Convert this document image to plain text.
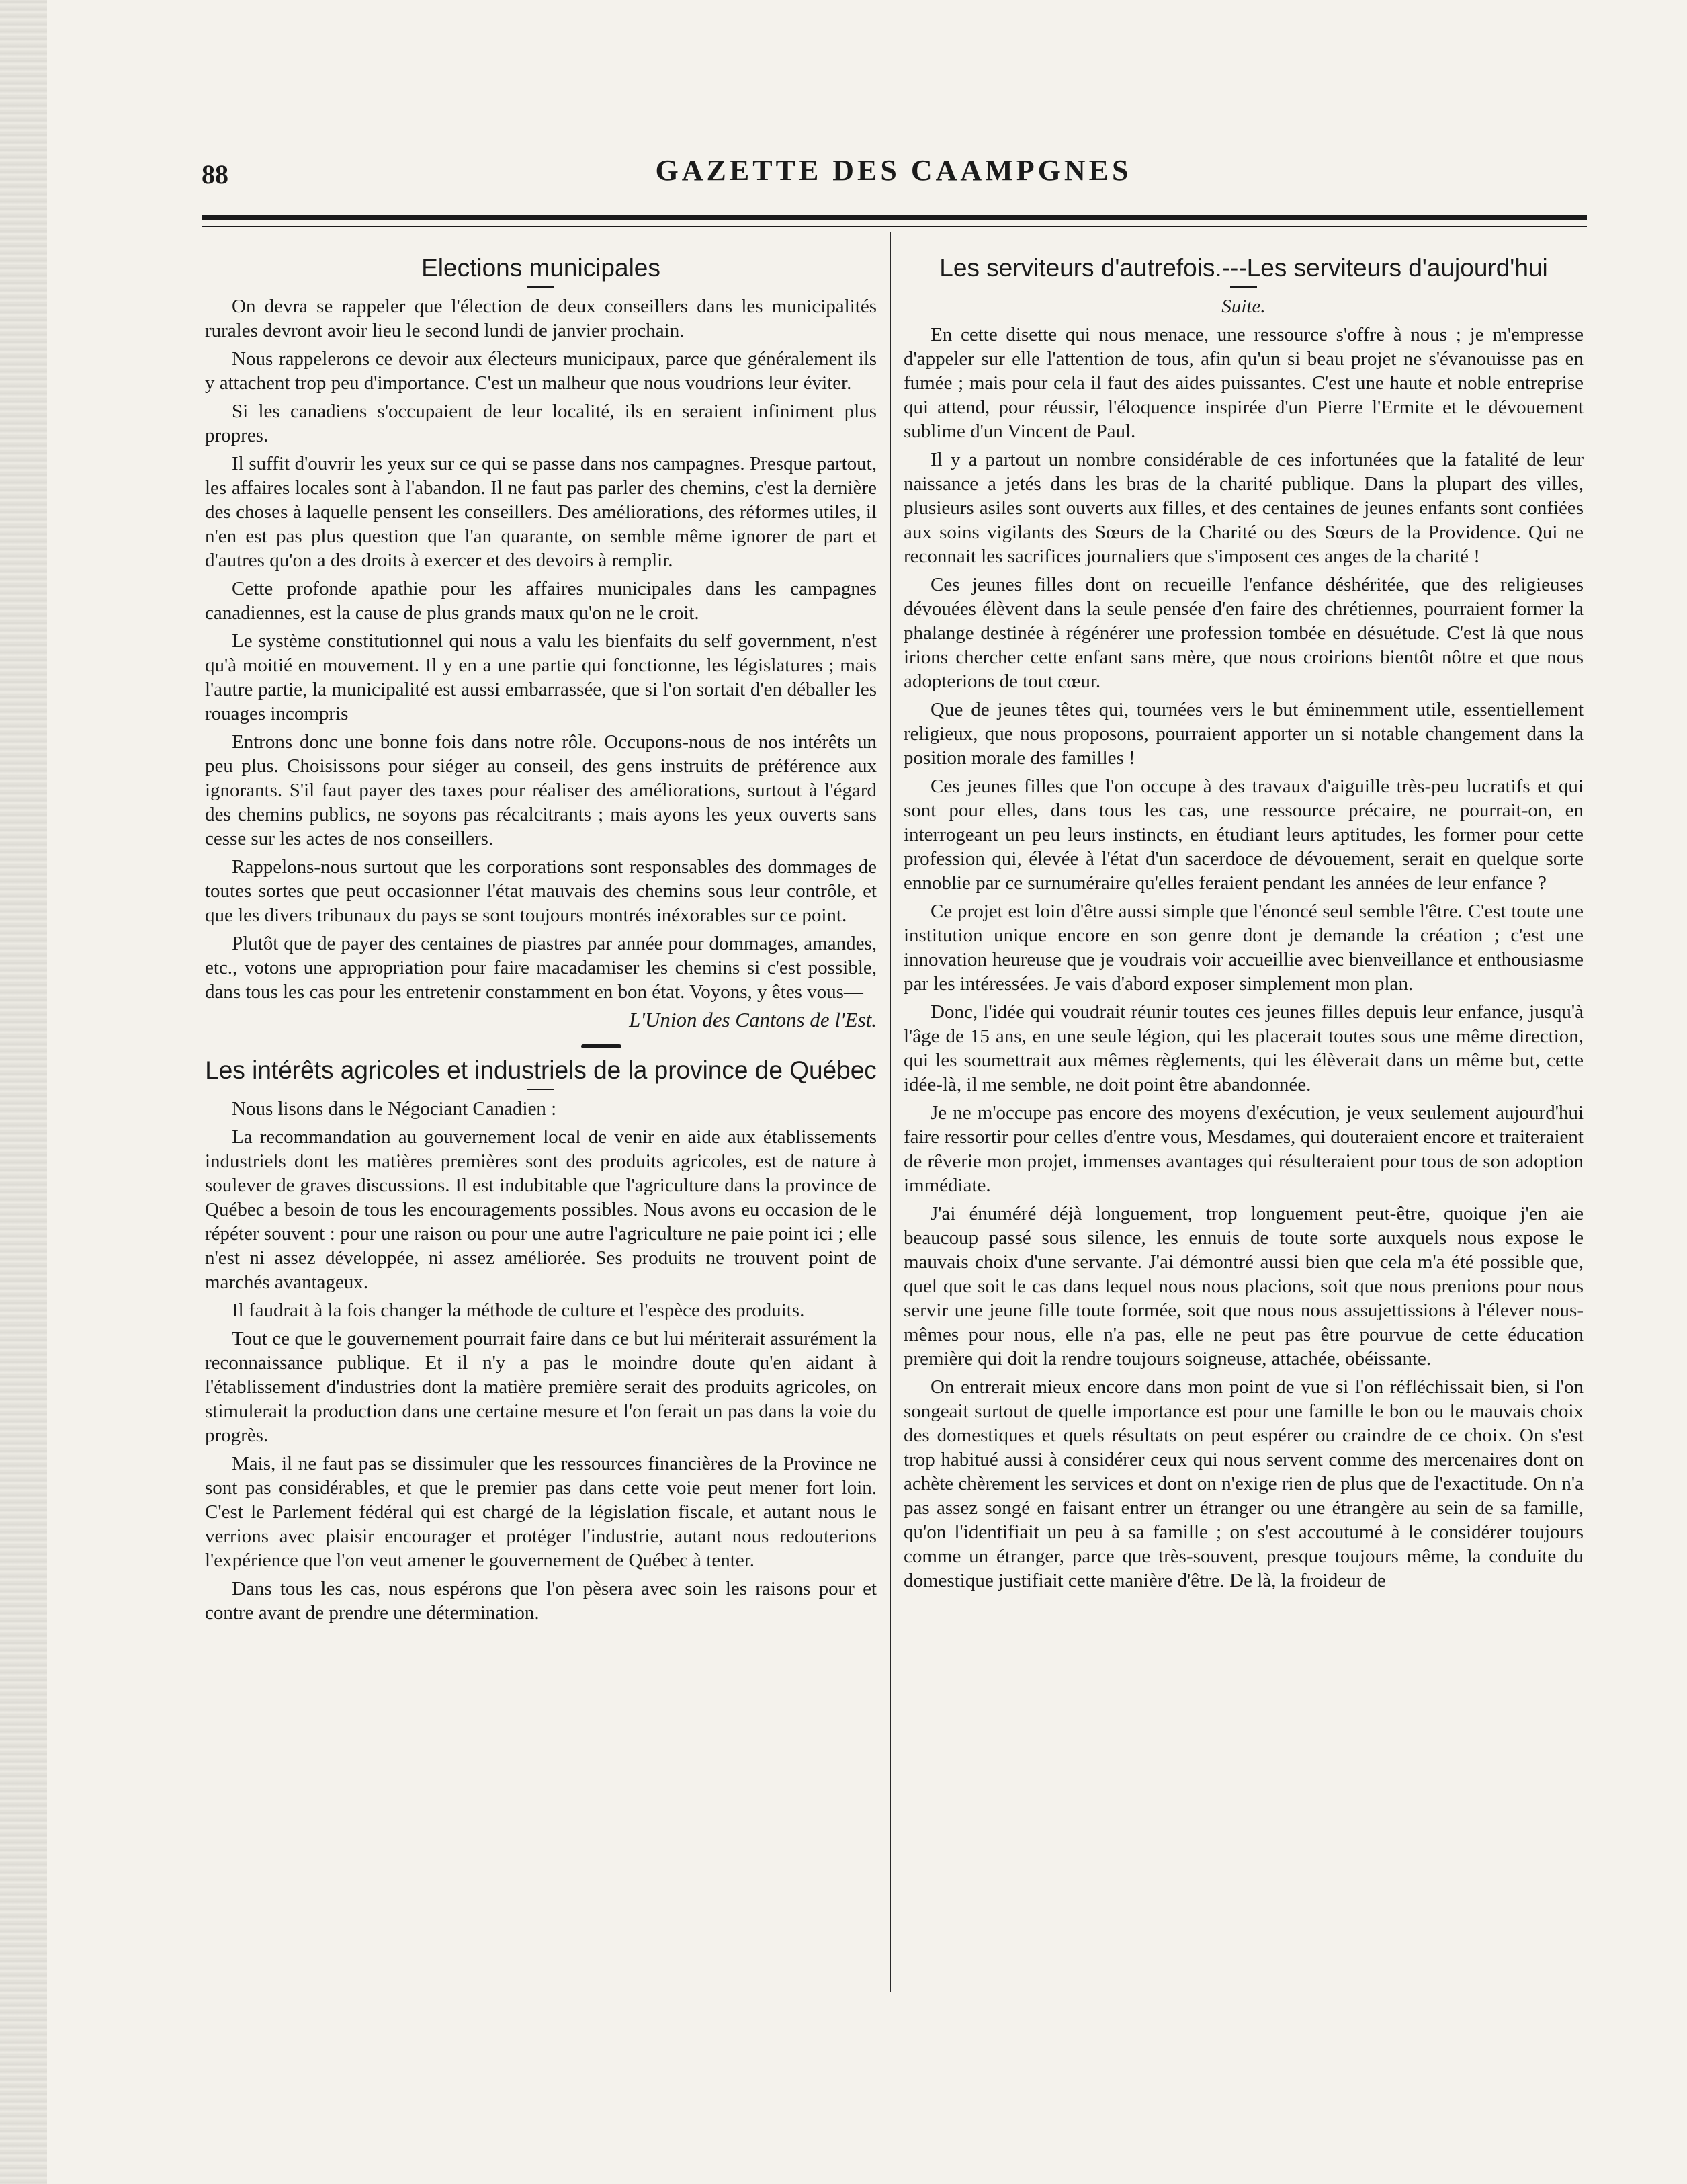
88	GAZETTE DES CAAMPGNES
Elections municipales

On devra se rappeler que l'élection de deux conseillers dans les municipalités rurales devront avoir lieu le second lundi de janvier prochain.

Nous rappelerons ce devoir aux électeurs municipaux, parce que généralement ils y attachent trop peu d'importance. C'est un malheur que nous voudrions leur éviter.

Si les canadiens s'occupaient de leur localité, ils en seraient infiniment plus propres.

Il suffit d'ouvrir les yeux sur ce qui se passe dans nos campagnes. Presque partout, les affaires locales sont à l'abandon. Il ne faut pas parler des chemins, c'est la dernière des choses à laquelle pensent les conseillers. Des améliorations, des réformes utiles, il n'en est pas plus question que l'an quarante, on semble même ignorer de part et d'autres qu'on a des droits à exercer et des devoirs à remplir.

Cette profonde apathie pour les affaires municipales dans les campagnes canadiennes, est la cause de plus grands maux qu'on ne le croit.

Le système constitutionnel qui nous a valu les bienfaits du self government, n'est qu'à moitié en mouvement. Il y en a une partie qui fonctionne, les législatures ; mais l'autre partie, la municipalité est aussi embarrassée, que si l'on sortait d'en déballer les rouages incompris

Entrons donc une bonne fois dans notre rôle. Occupons-nous de nos intérêts un peu plus. Choisissons pour siéger au conseil, des gens instruits de préférence aux ignorants. S'il faut payer des taxes pour réaliser des améliorations, surtout à l'égard des chemins publics, ne soyons pas récalcitrants ; mais ayons les yeux ouverts sans cesse sur les actes de nos conseillers.

Rappelons-nous surtout que les corporations sont responsables des dommages de toutes sortes que peut occasionner l'état mauvais des chemins sous leur contrôle, et que les divers tribunaux du pays se sont toujours montrés inéxorables sur ce point.

Plutôt que de payer des centaines de piastres par année pour dommages, amandes, etc., votons une appropriation pour faire macadamiser les chemins si c'est possible, dans tous les cas pour les entretenir constamment en bon état. Voyons, y êtes vous—

L'Union des Cantons de l'Est.
Les intérêts agricoles et industriels de la province de Québec

Nous lisons dans le Négociant Canadien :

La recommandation au gouvernement local de venir en aide aux établissements industriels dont les matières premières sont des produits agricoles, est de nature à soulever de graves discussions. Il est indubitable que l'agriculture dans la province de Québec a besoin de tous les encouragements possibles. Nous avons eu occasion de le répéter souvent : pour une raison ou pour une autre l'agriculture ne paie point ici ; elle n'est ni assez développée, ni assez améliorée. Ses produits ne trouvent point de marchés avantageux.

Il faudrait à la fois changer la méthode de culture et l'espèce des produits.

Tout ce que le gouvernement pourrait faire dans ce but lui mériterait assurément la reconnaissance publique. Et il n'y a pas le moindre doute qu'en aidant à l'établissement d'industries dont la matière première serait des produits agricoles, on stimulerait la production dans une certaine mesure et l'on ferait un pas dans la voie du progrès.

Mais, il ne faut pas se dissimuler que les ressources financières de la Province ne sont pas considérables, et que le premier pas dans cette voie peut mener fort loin. C'est le Parlement fédéral qui est chargé de la législation fiscale, et autant nous le verrions avec plaisir encourager et protéger l'industrie, autant nous redouterions l'expérience que l'on veut amener le gouvernement de Québec à tenter.

Dans tous les cas, nous espérons que l'on pèsera avec soin les raisons pour et contre avant de prendre une détermination.

Les serviteurs d'autrefois.---Les serviteurs d'aujourd'hui
Suite.

En cette disette qui nous menace, une ressource s'offre à nous ; je m'empresse d'appeler sur elle l'attention de tous, afin qu'un si beau projet ne s'évanouisse pas en fumée ; mais pour cela il faut des aides puissantes. C'est une haute et noble entreprise qui attend, pour réussir, l'éloquence inspirée d'un Pierre l'Ermite et le dévouement sublime d'un Vincent de Paul.

Il y a partout un nombre considérable de ces infortunées que la fatalité de leur naissance a jetés dans les bras de la charité publique. Dans la plupart des villes, plusieurs asiles sont ouverts aux filles, et des centaines de jeunes enfants sont confiées aux soins vigilants des Sœurs de la Charité ou des Sœurs de la Providence. Qui ne reconnait les sacrifices journaliers que s'imposent ces anges de la charité !

Ces jeunes filles dont on recueille l'enfance déshéritée, que des religieuses dévouées élèvent dans la seule pensée d'en faire des chrétiennes, pourraient former la phalange destinée à régénérer une profession tombée en désuétude. C'est là que nous irions chercher cette enfant sans mère, que nous croirions bientôt nôtre et que nous adopterions de tout cœur.

Que de jeunes têtes qui, tournées vers le but éminemment utile, essentiellement religieux, que nous proposons, pourraient apporter un si notable changement dans la position morale des familles !

Ces jeunes filles que l'on occupe à des travaux d'aiguille très-peu lucratifs et qui sont pour elles, dans tous les cas, une ressource précaire, ne pourrait-on, en interrogeant un peu leurs instincts, en étudiant leurs aptitudes, les former pour cette profession qui, élevée à l'état d'un sacerdoce de dévouement, serait en quelque sorte ennoblie par ce surnuméraire qu'elles feraient pendant les années de leur enfance ?

Ce projet est loin d'être aussi simple que l'énoncé seul semble l'être. C'est toute une institution unique encore en son genre dont je demande la création ; c'est une innovation heureuse que je voudrais voir accueillie avec bienveillance et enthousiasme par les intéressées. Je vais d'abord exposer simplement mon plan.

Donc, l'idée qui voudrait réunir toutes ces jeunes filles depuis leur enfance, jusqu'à l'âge de 15 ans, en une seule légion, qui les placerait toutes sous une même direction, qui les soumettrait aux mêmes règlements, qui les élèverait dans un même but, cette idée-là, il me semble, ne doit point être abandonnée.

Je ne m'occupe pas encore des moyens d'exécution, je veux seulement aujourd'hui faire ressortir pour celles d'entre vous, Mesdames, qui douteraient encore et traiteraient de rêverie mon projet, immenses avantages qui résulteraient pour tous de son adoption immédiate.

J'ai énuméré déjà longuement, trop longuement peut-être, quoique j'en aie beaucoup passé sous silence, les ennuis de toute sorte auxquels nous expose le mauvais choix d'une servante. J'ai démontré aussi bien que cela m'a été possible que, quel que soit le cas dans lequel nous nous placions, soit que nous prenions pour nous servir une jeune fille toute formée, soit que nous nous assujettissions à l'élever nous-mêmes pour nous, elle n'a pas, elle ne peut pas être pourvue de cette éducation première qui doit la rendre toujours soigneuse, attachée, obéissante.

On entrerait mieux encore dans mon point de vue si l'on réfléchissait bien, si l'on songeait surtout de quelle importance est pour une famille le bon ou le mauvais choix des domestiques et quels résultats on peut espérer ou craindre de ce choix. On s'est trop habitué aussi à considérer ceux qui nous servent comme des mercenaires dont on achète chèrement les services et dont on n'exige rien de plus que de l'exactitude. On n'a pas assez songé en faisant entrer un étranger ou une étrangère au sein de sa famille, qu'on l'identifiait un peu à sa famille ; on s'est accoutumé à le considérer toujours comme un étranger, parce que très-souvent, presque toujours même, la conduite du domestique justifiait cette manière d'être. De là, la froideur de
